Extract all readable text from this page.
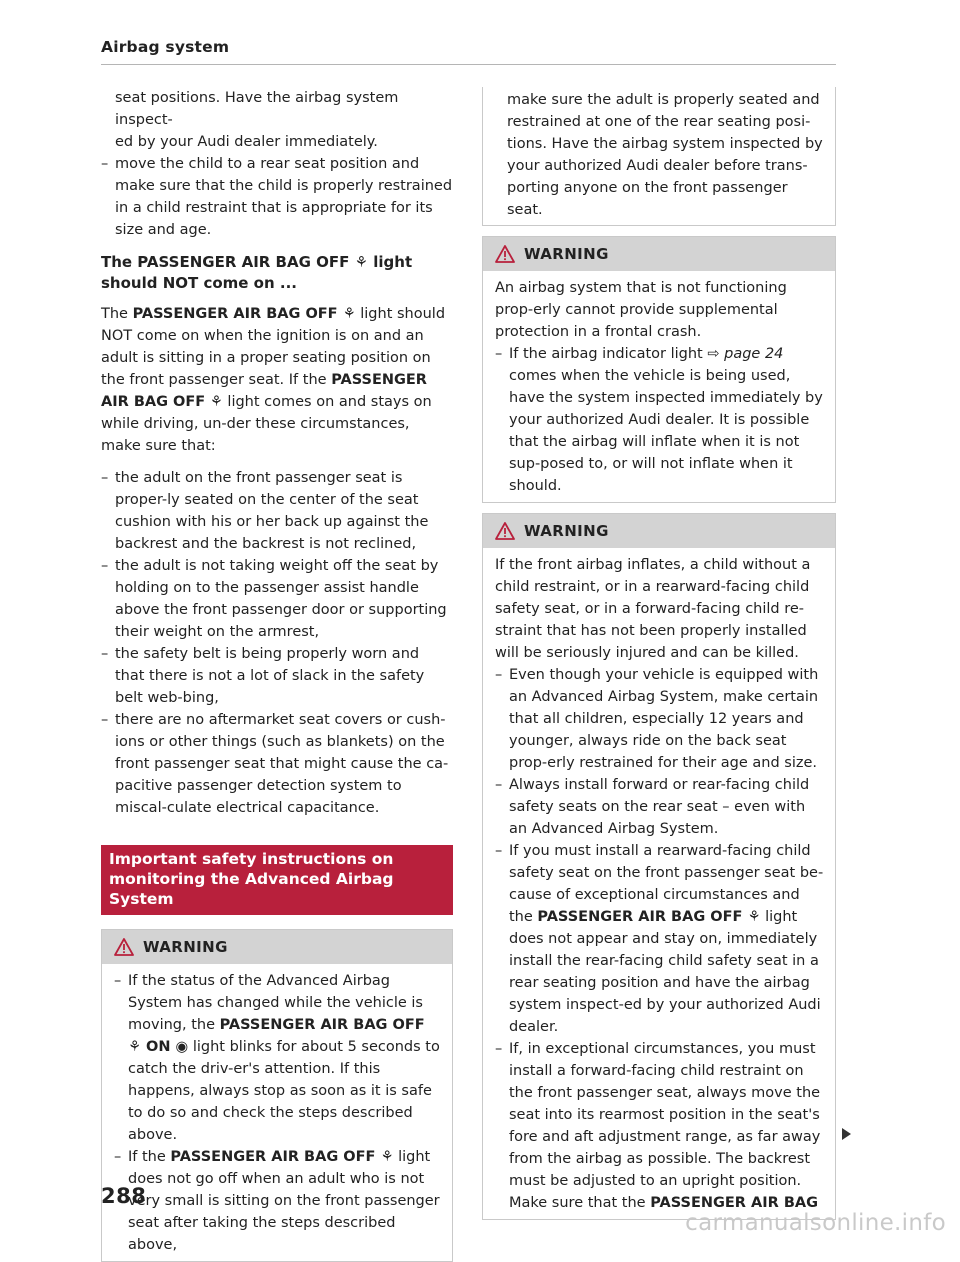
Airbag system

seat positions. Have the airbag system inspect-

ed by your Audi dealer immediately.

– move the child to a rear seat position and make sure that the child is properly restrained in a child restraint that is appropriate for its size and age.
The PASSENGER AIR BAG OFF ⚘ light should NOT come on ...

The PASSENGER AIR BAG OFF ⚘ light should NOT come on when the ignition is on and an adult is sitting in a proper seating position on the front passenger seat. If the PASSENGER AIR BAG OFF ⚘ light comes on and stays on while driving, un-der these circumstances, make sure that:

– the adult on the front passenger seat is proper-ly seated on the center of the seat cushion with his or her back up against the backrest and the backrest is not reclined,
– the adult is not taking weight off the seat by holding on to the passenger assist handle above the front passenger door or supporting their weight on the armrest,
– the safety belt is being properly worn and that there is not a lot of slack in the safety belt web-bing,
– there are no aftermarket seat covers or cush-ions or other things (such as blankets) on the front passenger seat that might cause the ca-pacitive passenger detection system to miscal-culate electrical capacitance.
Important safety instructions on
monitoring the Advanced Airbag System
WARNING
– If the status of the Advanced Airbag System has changed while the vehicle is moving, the PASSENGER AIR BAG OFF ⚘ ON ◉ light blinks for about 5 seconds to catch the driv-er's attention. If this happens, always stop as soon as it is safe to do so and check the steps described above.
– If the PASSENGER AIR BAG OFF ⚘ light does not go off when an adult who is not very small is sitting on the front passenger seat after taking the steps described above,

make sure the adult is properly seated and restrained at one of the rear seating posi-tions. Have the airbag system inspected by your authorized Audi dealer before trans-porting anyone on the front passenger seat.

WARNING

An airbag system that is not functioning prop-erly cannot provide supplemental protection in a frontal crash.

– If the airbag indicator light ⇨ page 24 comes when the vehicle is being used, have the system inspected immediately by your authorized Audi dealer. It is possible that the airbag will inflate when it is not sup-posed to, or will not inflate when it should.
WARNING

If the front airbag inflates, a child without a child restraint, or in a rearward-facing child safety seat, or in a forward-facing child re-straint that has not been properly installed will be seriously injured and can be killed.

– Even though your vehicle is equipped with an Advanced Airbag System, make certain that all children, especially 12 years and younger, always ride on the back seat prop-erly restrained for their age and size.
– Always install forward or rear-facing child safety seats on the rear seat – even with an Advanced Airbag System.
– If you must install a rearward-facing child safety seat on the front passenger seat be-cause of exceptional circumstances and the PASSENGER AIR BAG OFF ⚘ light does not appear and stay on, immediately install the rear-facing child safety seat in a rear seating position and have the airbag system inspect-ed by your authorized Audi dealer.
– If, in exceptional circumstances, you must install a forward-facing child restraint on the front passenger seat, always move the seat into its rearmost position in the seat's fore and aft adjustment range, as far away from the airbag as possible. The backrest must be adjusted to an upright position. Make sure that the PASSENGER AIR BAG
288
carmanualsonline.info
